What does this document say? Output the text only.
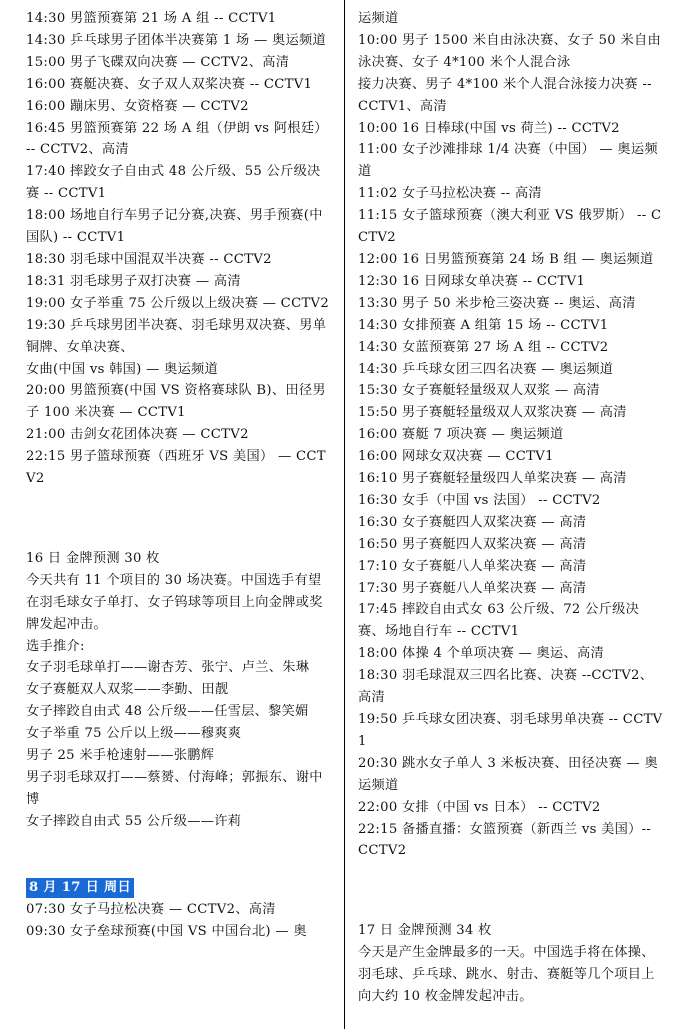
14:30 男篮预赛第 21 场 A 组 -- CCTV1
14:30 乒乓球男子团体半决赛第 1 场 — 奥运频道
15:00 男子飞碟双向决赛 — CCTV2、高清
16:00 赛艇决赛、女子双人双桨决赛 -- CCTV1
16:00 蹦床男、女资格赛 — CCTV2
16:45 男篮预赛第 22 场 A 组（伊朗 vs 阿根廷）-- CCTV2、高清
17:40 摔跤女子自由式 48 公斤级、55 公斤级决赛 -- CCTV1
18:00 场地自行车男子记分赛,决赛、男手预赛(中国队) -- CCTV1
18:30 羽毛球中国混双半决赛 -- CCTV2
18:31 羽毛球男子双打决赛 — 高清
19:00 女子举重 75 公斤级以上级决赛 — CCTV2
19:30 乒乓球男团半决赛、羽毛球男双决赛、男单铜牌、女单决赛、
女曲(中国 vs 韩国) — 奥运频道
20:00 男篮预赛(中国 VS 资格赛球队 B)、田径男子 100 米决赛 — CCTV1
21:00 击剑女花团体决赛 — CCTV2
22:15 男子篮球预赛（西班牙 VS 美国） — CCTV2
16 日 金牌预测 30 枚
今天共有 11 个项目的 30 场决赛。中国选手有望在羽毛球女子单打、女子钨球等项目上向金牌或奖牌发起冲击。
选手推介:
女子羽毛球单打——谢杏芳、张宁、卢兰、朱琳
女子赛艇双人双浆——李勤、田靓
女子摔跤自由式 48 公斤级——任雪层、黎笑媚
女子举重 75 公斤以上级——穆爽爽
男子 25 米手枪速射——张鹏辉
男子羽毛球双打——蔡赟、付海峰；郭振东、谢中博
女子摔跤自由式 55 公斤级——许莉
8 月 17 日 周日
07:30 女子马拉松决赛 — CCTV2、高清
09:30 女子垒球预赛(中国 VS 中国台北) — 奥
运频道
10:00 男子 1500 米自由泳决赛、女子 50 米自由泳决赛、女子 4*100 米个人混合泳
接力决赛、男子 4*100 米个人混合泳接力决赛 -- CCTV1、高清
10:00 16 日棒球(中国 vs 荷兰) -- CCTV2
11:00 女子沙滩排球 1/4 决赛（中国） — 奥运频道
11:02 女子马拉松决赛 -- 高清
11:15 女子篮球预赛（澳大利亚 VS 俄罗斯） -- CCTV2
12:00 16 日男篮预赛第 24 场 B 组 — 奥运频道
12:30 16 日网球女单决赛 -- CCTV1
13:30 男子 50 米步枪三姿决赛 -- 奥运、高清
14:30 女排预赛 A 组第 15 场 -- CCTV1
14:30 女蓝预赛第 27 场 A 组 -- CCTV2
14:30 乒乓球女团三四名决赛 — 奥运频道
15:30 女子赛艇轻量级双人双浆 — 高清
15:50 男子赛艇轻量级双人双浆决赛 — 高清
16:00 赛艇 7 项决赛 — 奥运频道
16:00 网球女双决赛 — CCTV1
16:10 男子赛艇轻量级四人单桨决赛 — 高清
16:30 女手（中国 vs 法国） -- CCTV2
16:30 女子赛艇四人双桨决赛 — 高清
16:50 男子赛艇四人双桨决赛 — 高清
17:10 女子赛艇八人单桨决赛 — 高清
17:30 男子赛艇八人单桨决赛 — 高清
17:45 摔跤自由式女 63 公斤级、72 公斤级决赛、场地自行车 -- CCTV1
18:00 体操 4 个单项决赛 — 奥运、高清
18:30 羽毛球混双三四名比赛、决赛 --CCTV2、高清
19:50 乒乓球女团决赛、羽毛球男单决赛 -- CCTV1
20:30 跳水女子单人 3 米板决赛、田径决赛 — 奥运频道
22:00 女排（中国 vs 日本） -- CCTV2
22:15 备播直播：女篮预赛（新西兰 vs 美国）-- CCTV2
17 日 金牌预测 34 枚
今天是产生金牌最多的一天。中国选手将在体操、羽毛球、乒乓球、跳水、射击、赛艇等几个项目上向大约 10 枚金牌发起冲击。
